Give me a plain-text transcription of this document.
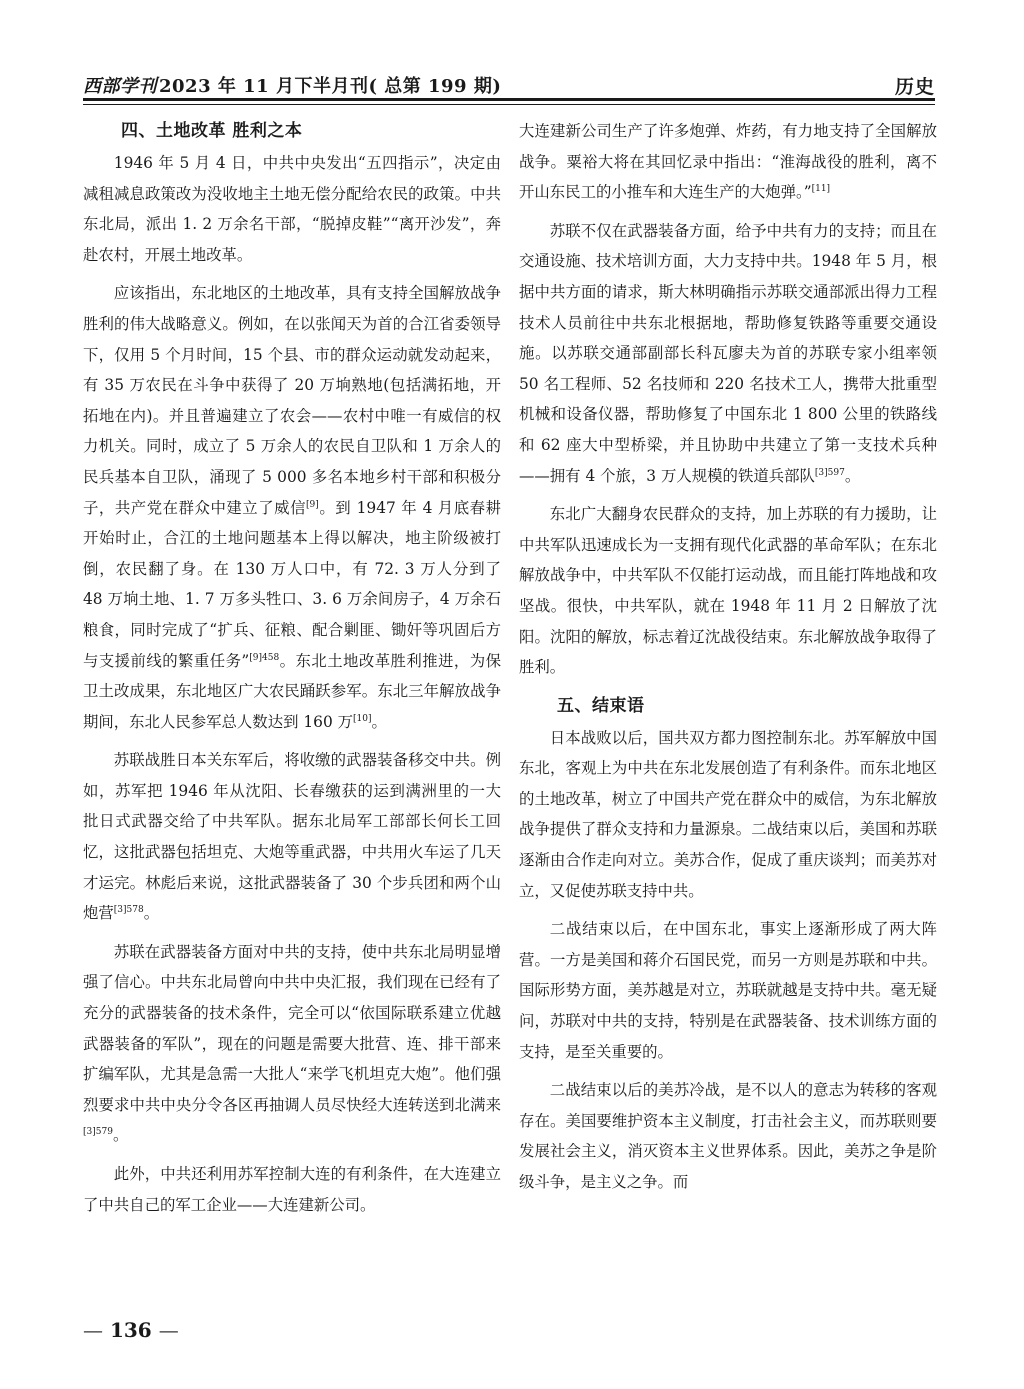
西部学刊 2023 年 11 月下半月刊( 总第 199 期)	历史
四、土地改革 胜利之本

1946 年 5 月 4 日，中共中央发出“五四指示”，决定由减租减息政策改为没收地主土地无偿分配给农民的政策。中共东北局，派出 1. 2 万余名干部，“脱掉皮鞋”“离开沙发”，奔赴农村，开展土地改革。

应该指出，东北地区的土地改革，具有支持全国解放战争胜利的伟大战略意义。例如，在以张闻天为首的合江省委领导下，仅用 5 个月时间，15 个县、市的群众运动就发动起来，有 35 万农民在斗争中获得了 20 万垧熟地(包括满拓地，开拓地在内)。并且普遍建立了农会——农村中唯一有威信的权力机关。同时，成立了 5 万余人的农民自卫队和 1 万余人的民兵基本自卫队，涌现了 5 000 多名本地乡村干部和积极分子，共产党在群众中建立了威信[9]。到 1947 年 4 月底春耕开始时止，合江的土地问题基本上得以解决，地主阶级被打倒，农民翻了身。在 130 万人口中，有 72. 3 万人分到了 48 万垧土地、1. 7 万多头牲口、3. 6 万余间房子，4 万余石粮食，同时完成了“扩兵、征粮、配合剿匪、锄奸等巩固后方与支援前线的繁重任务”$^{[9]458}$。东北土地改革胜利推进，为保卫土改成果，东北地区广大农民踊跃参军。东北三年解放战争期间，东北人民参军总人数达到 160 万[10]。

苏联战胜日本关东军后，将收缴的武器装备移交中共。例如，苏军把 1946 年从沈阳、长春缴获的运到满洲里的一大批日式武器交给了中共军队。据东北局军工部部长何长工回忆，这批武器包括坦克、大炮等重武器，中共用火车运了几天才运完。林彪后来说，这批武器装备了 30 个步兵团和两个山炮营$^{[3]578}$。

苏联在武器装备方面对中共的支持，使中共东北局明显增强了信心。中共东北局曾向中共中央汇报，我们现在已经有了充分的武器装备的技术条件，完全可以“依国际联系建立优越武器装备的军队”，现在的问题是需要大批营、连、排干部来扩编军队，尤其是急需一大批人“来学飞机坦克大炮”。他们强烈要求中共中央分令各区再抽调人员尽快经大连转送到北满来$^{[3]579}$。

此外，中共还利用苏军控制大连的有利条件，在大连建立了中共自己的军工企业——大连建新公司。

大连建新公司生产了许多炮弹、炸药，有力地支持了全国解放战争。粟裕大将在其回忆录中指出：“淮海战役的胜利，离不开山东民工的小推车和大连生产的大炮弹。”[11]

苏联不仅在武器装备方面，给予中共有力的支持；而且在交通设施、技术培训方面，大力支持中共。1948 年 5 月，根据中共方面的请求，斯大林明确指示苏联交通部派出得力工程技术人员前往中共东北根据地，帮助修复铁路等重要交通设施。以苏联交通部副部长科瓦廖夫为首的苏联专家小组率领 50 名工程师、52 名技师和 220 名技术工人，携带大批重型机械和设备仪器，帮助修复了中国东北 1 800 公里的铁路线和 62 座大中型桥梁，并且协助中共建立了第一支技术兵种——拥有 4 个旅，3 万人规模的铁道兵部队$^{[3]597}$。

东北广大翻身农民群众的支持，加上苏联的有力援助，让中共军队迅速成长为一支拥有现代化武器的革命军队；在东北解放战争中，中共军队不仅能打运动战，而且能打阵地战和攻坚战。很快，中共军队，就在 1948 年 11 月 2 日解放了沈阳。沈阳的解放，标志着辽沈战役结束。东北解放战争取得了胜利。

五、结束语

日本战败以后，国共双方都力图控制东北。苏军解放中国东北，客观上为中共在东北发展创造了有利条件。而东北地区的土地改革，树立了中国共产党在群众中的威信，为东北解放战争提供了群众支持和力量源泉。二战结束以后，美国和苏联逐渐由合作走向对立。美苏合作，促成了重庆谈判；而美苏对立，又促使苏联支持中共。

二战结束以后，在中国东北，事实上逐渐形成了两大阵营。一方是美国和蒋介石国民党，而另一方则是苏联和中共。国际形势方面，美苏越是对立，苏联就越是支持中共。毫无疑问，苏联对中共的支持，特别是在武器装备、技术训练方面的支持，是至关重要的。

二战结束以后的美苏冷战，是不以人的意志为转移的客观存在。美国要维护资本主义制度，打击社会主义，而苏联则要发展社会主义，消灭资本主义世界体系。因此，美苏之争是阶级斗争，是主义之争。而

— 136 —
